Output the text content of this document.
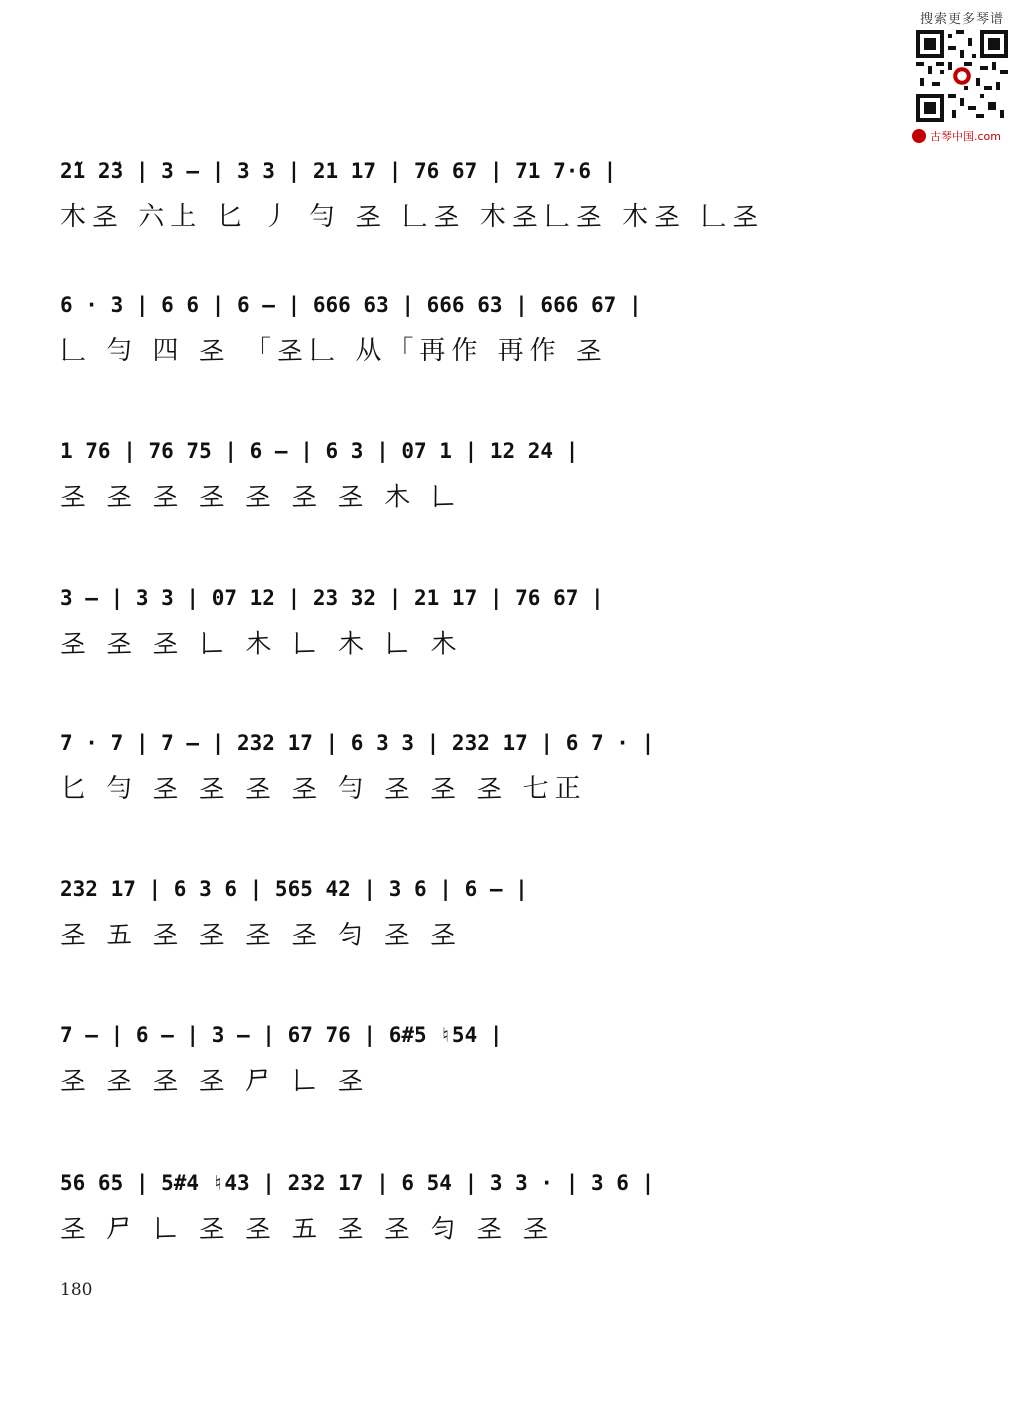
搜索更多琴谱
古琴中国.com
2̃1 2̃3 | 3 — | 3 3 | 21 17 | 76 67 | 71 7·6 |
木𢀖 六上 匕 丿 勻 𢀖 𠃊𢀖 木𢀖𠃊𢀖 木𢀖 𠃊𢀖
6 · 3 | 6 6 | 6 — | 666 63 | 666 63 | 666 67 |
𠃊 勻 四 𢀖 「𢀖𠃊 从「再作 再作 𢀖
1 76 | 76 75 | 6 — | 6 3 | 07 1 | 12 24 |
𢀖 𢀖 𢀖 𢀖 𢀖 𢀖 𢀖 木 𠃊
3 — | 3 3 | 07 12 | 23 32 | 21 17 | 76 67 |
𢀖 𢀖 𢀖 𠃊 木 𠃊 木 𠃊 木
7 · 7 | 7 — | 232 17 | 6 3 3 | 232 17 | 6 7 · |
匕 勻 𢀖 𢀖 𢀖 𢀖 勻 𢀖 𢀖 𢀖 七正
232 17 | 6 3 6 | 565 42 | 3 6 | 6 — |
𢀖 五 𢀖 𢀖 𢀖 𢀖 勻 𢀖 𢀖
7 — | 6 — | 3 — | 67 76 | 6#5 ♮54 |
𢀖 𢀖 𢀖 𢀖 尸 𠃊 𢀖
56 65 | 5#4 ♮43 | 232 17 | 6 54 | 3 3 · | 3 6 |
𢀖 尸 𠃊 𢀖 𢀖 五 𢀖 𢀖 勻 𢀖 𢀖
180
